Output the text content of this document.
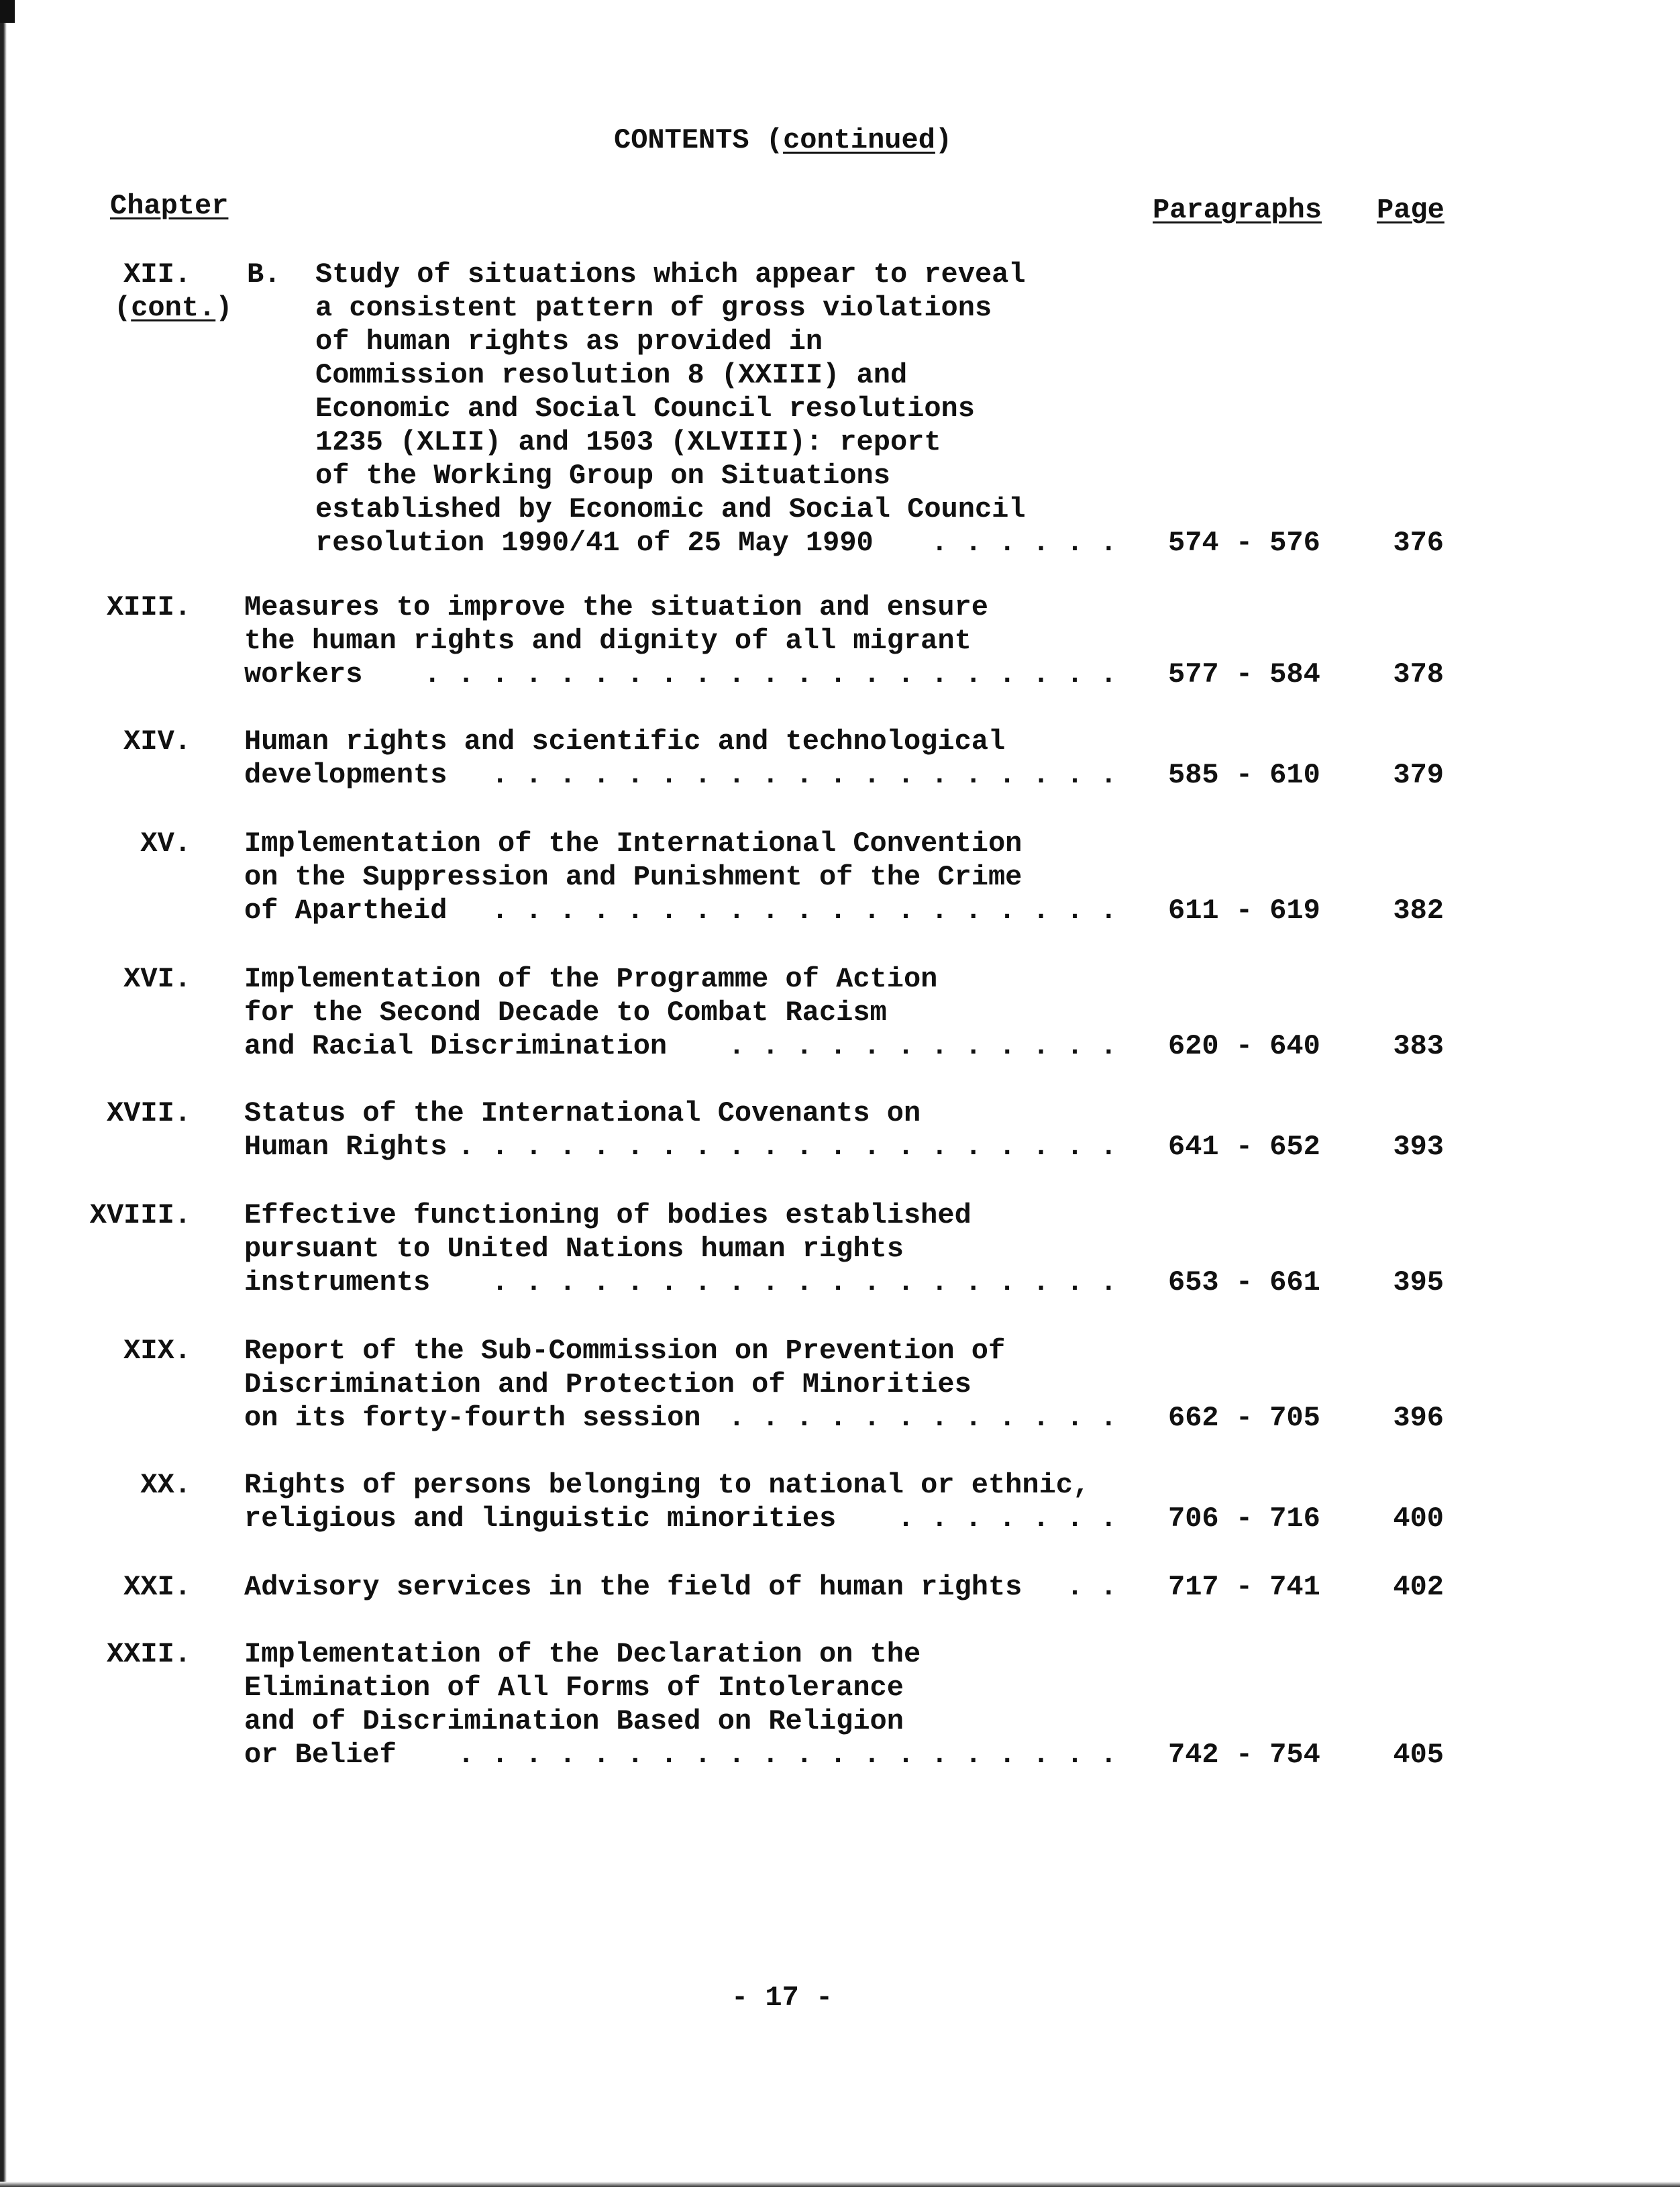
CONTENTS (continued)
Chapter	Paragraphs Page
XII.
(cont.)
B. Study of situations which appear to reveal
a consistent pattern of gross violations
of human rights as provided in
Commission resolution 8 (XXIII) and
Economic and Social Council resolutions
1235 (XLII) and 1503 (XLVIII): report
of the Working Group on Situations
established by Economic and Social Council
resolution 1990/41 of 25 May 1990	. . . . . . 574 - 576	376
XIII. Measures to improve the situation and ensure
the human rights and dignity of all migrant
workers	. . . . . . . . . . . . . . . . . . . . . 577 - 584	378
XIV. Human rights and scientific and technological
developments	. . . . . . . . . . . . . . . . . . . 585 - 610	379
XV. Implementation of the International Convention
on the Suppression and Punishment of the Crime
of Apartheid	. . . . . . . . . . . . . . . . . . . 611 - 619	382
XVI. Implementation of the Programme of Action
for the Second Decade to Combat Racism
and Racial Discrimination	. . . . . . . . . . . . 620 - 640	383
XVII. Status of the International Covenants on
Human Rights . . . . . . . . . . . . . . . . . . . . 641 - 652	393
XVIII. Effective functioning of bodies established
pursuant to United Nations human rights
instruments	. . . . . . . . . . . . . . . . . . . 653 - 661	395
XIX. Report of the Sub-Commission on Prevention of
Discrimination and Protection of Minorities
on its forty-fourth session . . . . . . . . . . . . 662 - 705	396
XX. Rights of persons belonging to national or ethnic,
religious and linguistic minorities	. . . . . . . 706 - 716	400
XXI. Advisory services in the field of human rights	. . 717 - 741	402
XXII. Implementation of the Declaration on the
Elimination of All Forms of Intolerance
and of Discrimination Based on Religion
or Belief	. . . . . . . . . . . . . . . . . . . . 742 - 754	405
- 17 -
